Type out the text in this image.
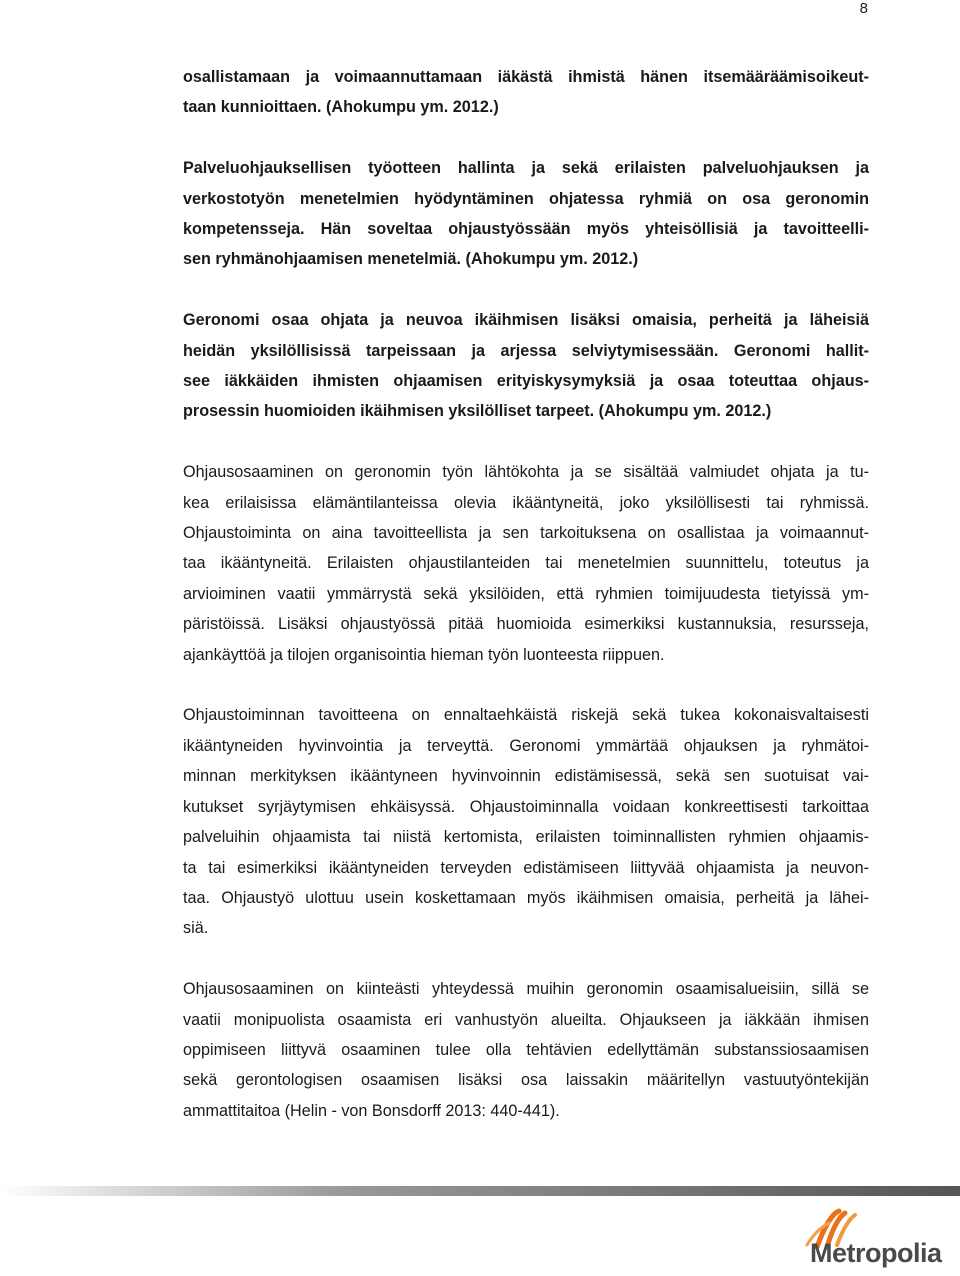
8

osallistamaan ja voimaannuttamaan iäkästä ihmistä hänen itsemääräämisoikeut-
taan kunnioittaen. (Ahokumpu ym. 2012.)

Palveluohjauksellisen työotteen hallinta ja sekä erilaisten palveluohjauksen ja
verkostotyön menetelmien hyödyntäminen ohjatessa ryhmiä on osa geronomin
kompetensseja. Hän soveltaa ohjaustyössään myös yhteisöllisiä ja tavoitteelli-
sen ryhmänohjaamisen menetelmiä. (Ahokumpu ym. 2012.)

Geronomi osaa ohjata ja neuvoa ikäihmisen lisäksi omaisia, perheitä ja läheisiä
heidän yksilöllisissä tarpeissaan ja arjessa selviytymisessään. Geronomi hallit-
see iäkkäiden ihmisten ohjaamisen erityiskysymyksiä ja osaa toteuttaa ohjaus-
prosessin huomioiden ikäihmisen yksilölliset tarpeet. (Ahokumpu ym. 2012.)

Ohjausosaaminen on geronomin työn lähtökohta ja se sisältää valmiudet ohjata ja tu-
kea erilaisissa elämäntilanteissa olevia ikääntyneitä, joko yksilöllisesti tai ryhmissä.
Ohjaustoiminta on aina tavoitteellista ja sen tarkoituksena on osallistaa ja voimaannut-
taa ikääntyneitä. Erilaisten ohjaustilanteiden tai menetelmien suunnittelu, toteutus ja
arvioiminen vaatii ymmärrystä sekä yksilöiden, että ryhmien toimijuudesta tietyissä ym-
päristöissä. Lisäksi ohjaustyössä pitää huomioida esimerkiksi kustannuksia, resursseja,
ajankäyttöä ja tilojen organisointia hieman työn luonteesta riippuen.

Ohjaustoiminnan tavoitteena on ennaltaehkäistä riskejä sekä tukea kokonaisvaltaisesti
ikääntyneiden hyvinvointia ja terveyttä. Geronomi ymmärtää ohjauksen ja ryhmätoi-
minnan merkityksen ikääntyneen hyvinvoinnin edistämisessä, sekä sen suotuisat vai-
kutukset syrjäytymisen ehkäisyssä. Ohjaustoiminnalla voidaan konkreettisesti tarkoittaa
palveluihin ohjaamista tai niistä kertomista, erilaisten toiminnallisten ryhmien ohjaamis-
ta tai esimerkiksi ikääntyneiden terveyden edistämiseen liittyvää ohjaamista ja neuvon-
taa. Ohjaustyö ulottuu usein koskettamaan myös ikäihmisen omaisia, perheitä ja lähei-
siä.

Ohjausosaaminen on kiinteästi yhteydessä muihin geronomin osaamisalueisiin, sillä se
vaatii monipuolista osaamista eri vanhustyön alueilta. Ohjaukseen ja iäkkään ihmisen
oppimiseen liittyvä osaaminen tulee olla tehtävien edellyttämän substanssiosaamisen
sekä gerontologisen osaamisen lisäksi osa laissakin määritellyn vastuutyöntekijän
ammattitaitoa (Helin - von Bonsdorff 2013: 440-441).

Metropolia
